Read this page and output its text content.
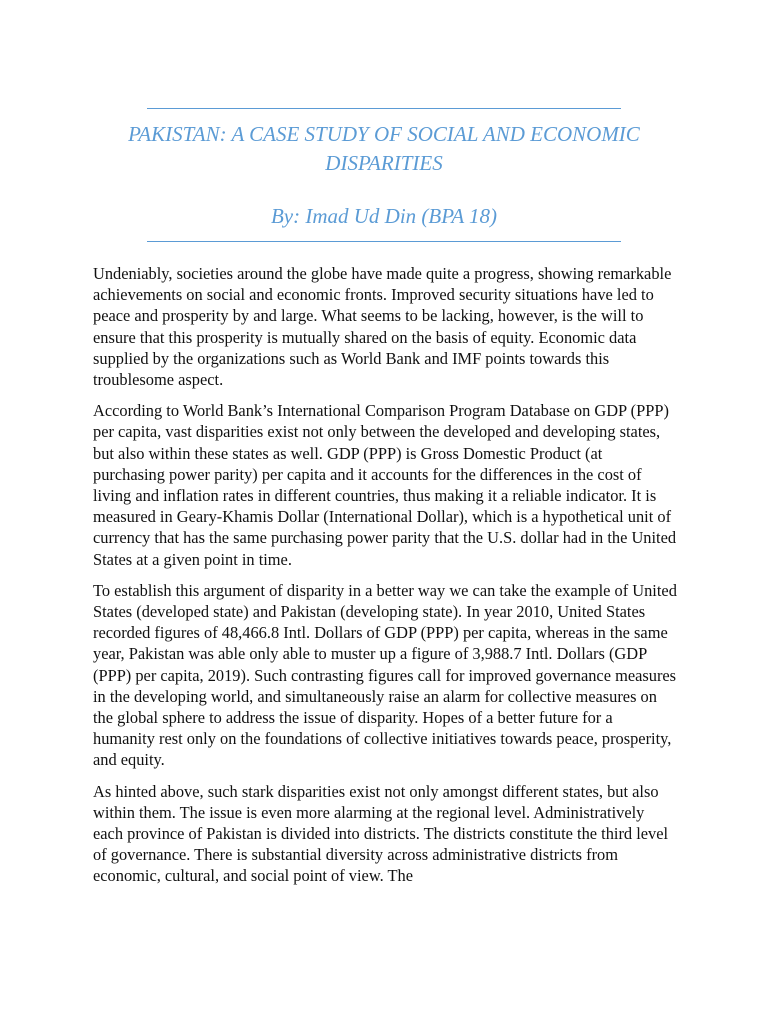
PAKISTAN: A CASE STUDY OF SOCIAL AND ECONOMIC DISPARITIES

By: Imad Ud Din (BPA 18)

Undeniably, societies around the globe have made quite a progress, showing remarkable achievements on social and economic fronts. Improved security situations have led to peace and prosperity by and large. What seems to be lacking, however, is the will to ensure that this prosperity is mutually shared on the basis of equity. Economic data supplied by the organizations such as World Bank and IMF points towards this troublesome aspect.

According to World Bank’s International Comparison Program Database on GDP (PPP) per capita, vast disparities exist not only between the developed and developing states, but also within these states as well. GDP (PPP) is Gross Domestic Product (at purchasing power parity) per capita and it accounts for the differences in the cost of living and inflation rates in different countries, thus making it a reliable indicator. It is measured in Geary-Khamis Dollar (International Dollar), which is a hypothetical unit of currency that has the same purchasing power parity that the U.S. dollar had in the United States at a given point in time.

To establish this argument of disparity in a better way we can take the example of United States (developed state) and Pakistan (developing state). In year 2010, United States recorded figures of 48,466.8 Intl. Dollars of GDP (PPP) per capita, whereas in the same year, Pakistan was able only able to muster up a figure of 3,988.7 Intl. Dollars (GDP (PPP) per capita, 2019). Such contrasting figures call for improved governance measures in the developing world, and simultaneously raise an alarm for collective measures on the global sphere to address the issue of disparity. Hopes of a better future for a humanity rest only on the foundations of collective initiatives towards peace, prosperity, and equity.

As hinted above, such stark disparities exist not only amongst different states, but also within them. The issue is even more alarming at the regional level. Administratively each province of Pakistan is divided into districts. The districts constitute the third level of governance. There is substantial diversity across administrative districts from economic, cultural, and social point of view. The
